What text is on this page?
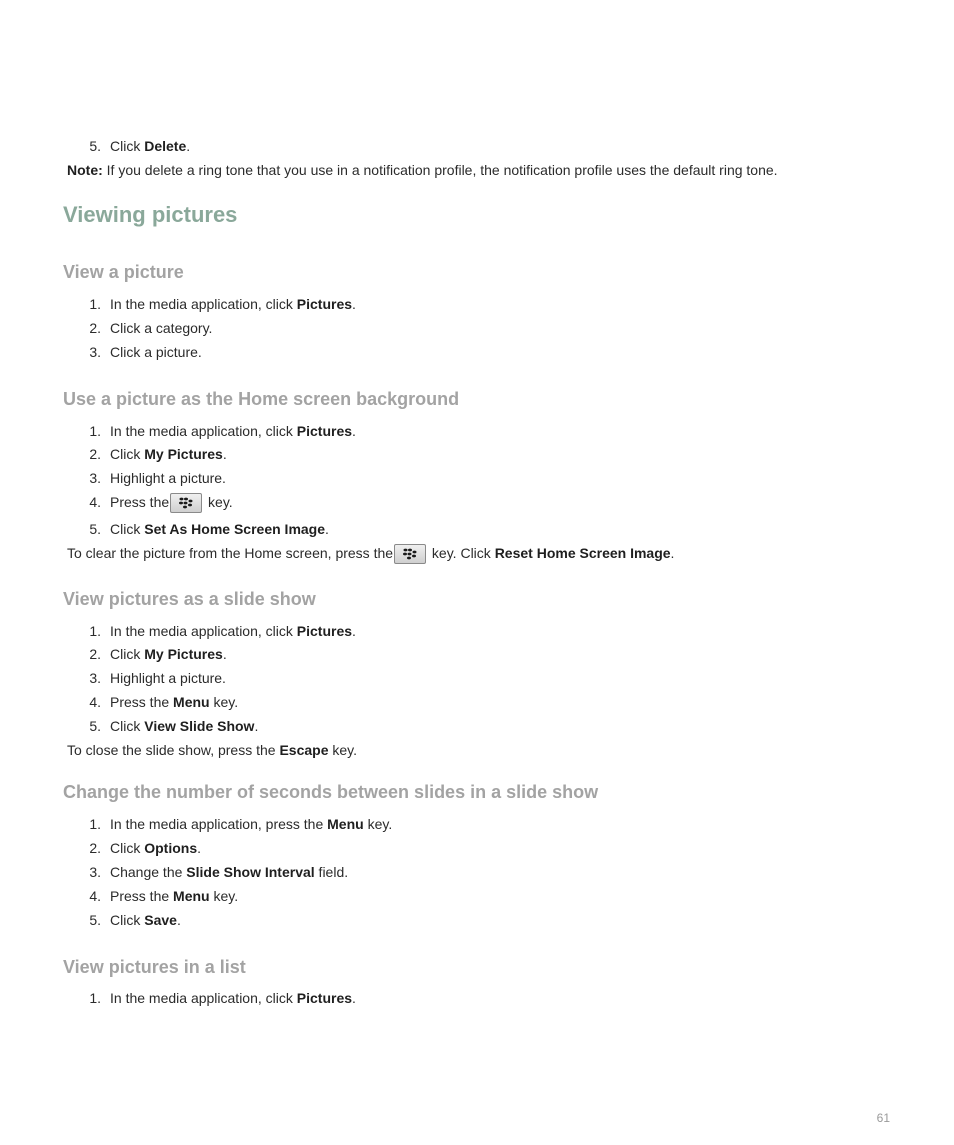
5. Click Delete.
Note: If you delete a ring tone that you use in a notification profile, the notification profile uses the default ring tone.
Viewing pictures
View a picture
1. In the media application, click Pictures.
2. Click a category.
3. Click a picture.
Use a picture as the Home screen background
1. In the media application, click Pictures.
2. Click My Pictures.
3. Highlight a picture.
4. Press the	key.
5. Click Set As Home Screen Image.
To clear the picture from the Home screen, press the	key. Click Reset Home Screen Image.
View pictures as a slide show
1. In the media application, click Pictures.
2. Click My Pictures.
3. Highlight a picture.
4. Press the Menu key.
5. Click View Slide Show.
To close the slide show, press the Escape key.
Change the number of seconds between slides in a slide show
1. In the media application, press the Menu key.
2. Click Options.
3. Change the Slide Show Interval field.
4. Press the Menu key.
5. Click Save.
View pictures in a list
1. In the media application, click Pictures.
61
